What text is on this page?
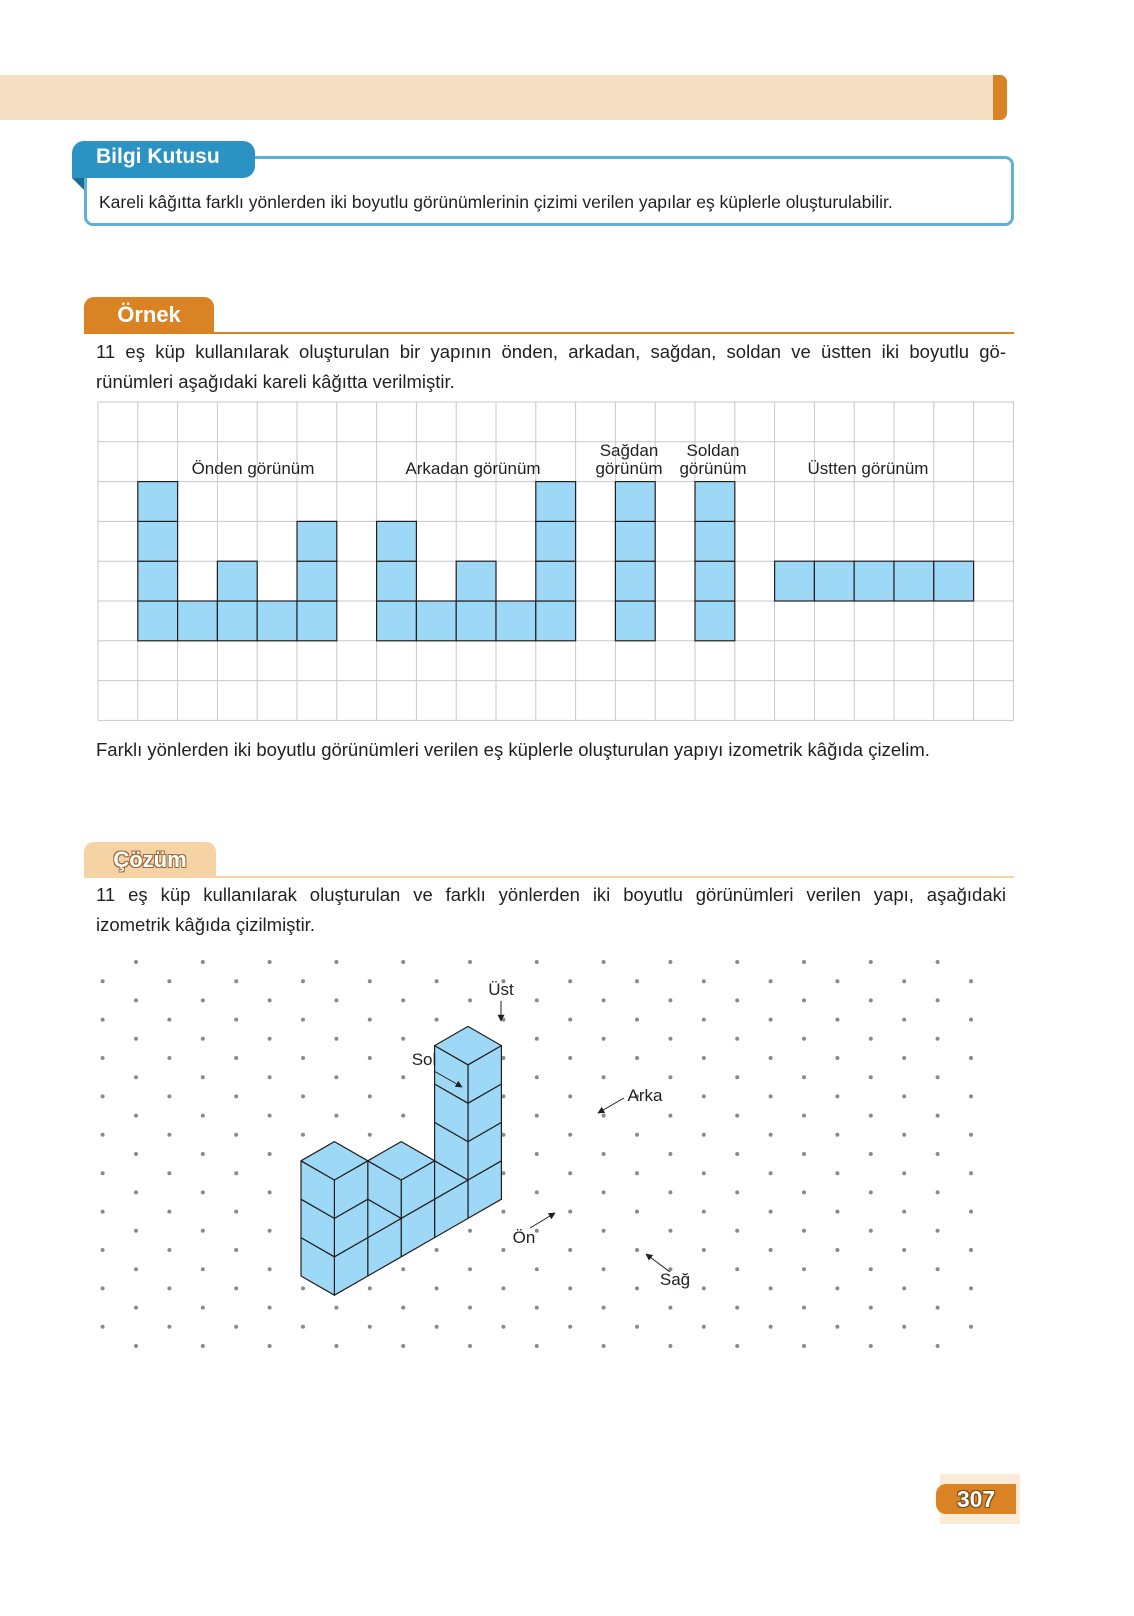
Bilgi Kutusu
Kareli kâğıtta farklı yönlerden iki boyutlu görünümlerinin çizimi verilen yapılar eş küplerle oluşturulabilir.
Örnek
11 eş küp kullanılarak oluşturulan bir yapının önden, arkadan, sağdan, soldan ve üstten iki boyutlu gö-
rünümleri aşağıdaki kareli kâğıtta verilmiştir.
Önden görünüm	Arkadan görünüm
Sağdan
görünüm
Soldan
görünüm	Üstten görünüm
Farklı yönlerden iki boyutlu görünümleri verilen eş küplerle oluşturulan yapıyı izometrik kâğıda çizelim.
Çözüm
11 eş küp kullanılarak oluşturulan ve farklı yönlerden iki boyutlu görünümleri verilen yapı, aşağıdaki
izometrik kâğıda çizilmiştir.
Üst
Sol
Arka
Ön
Sağ
307
